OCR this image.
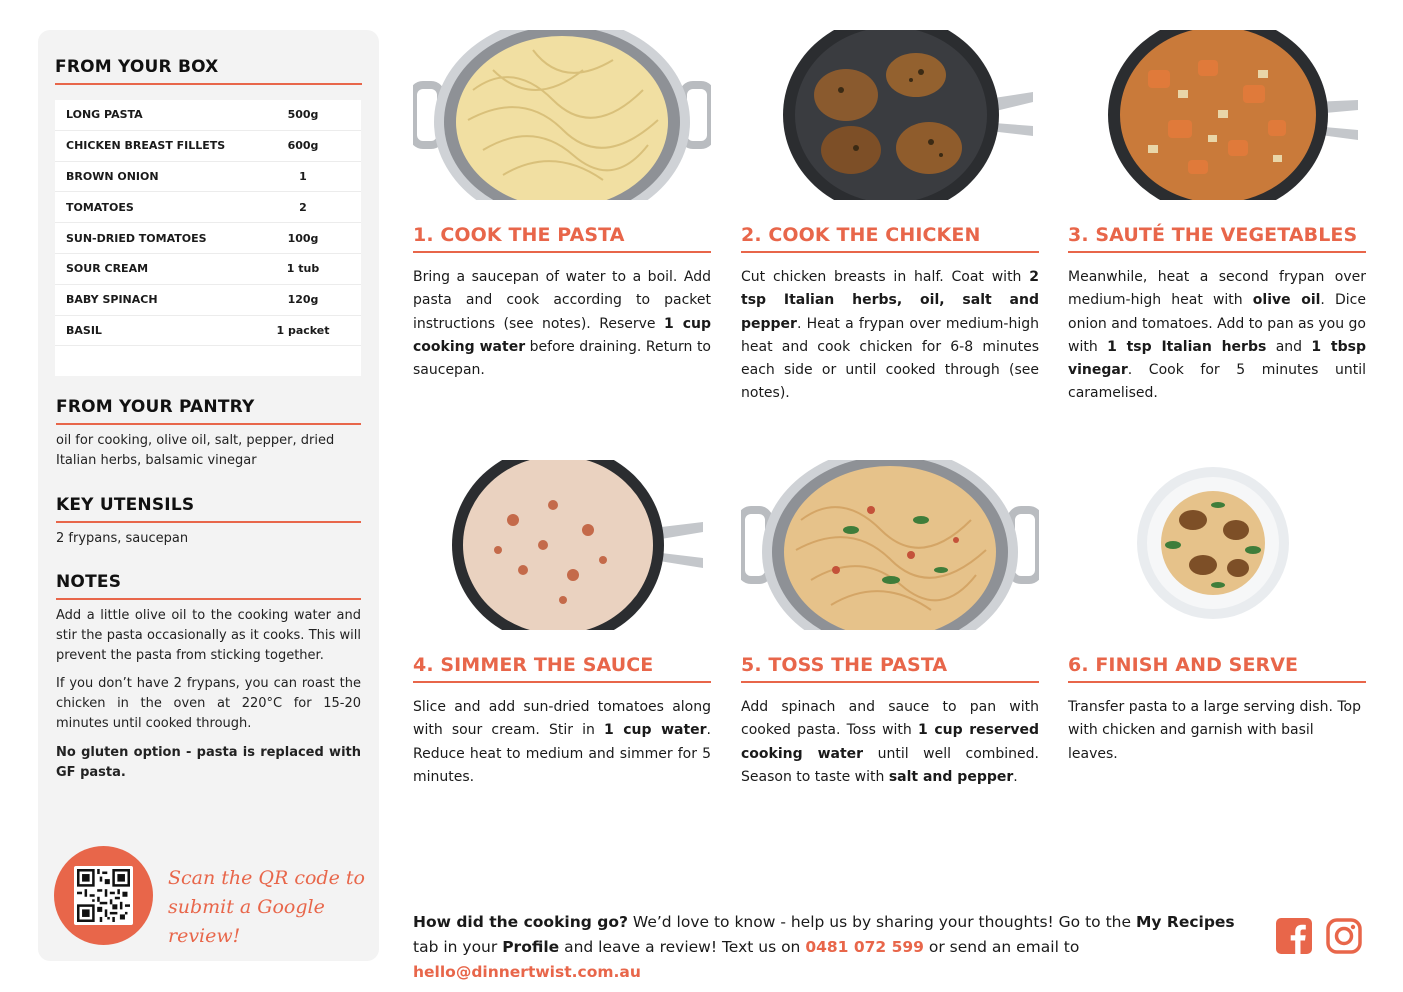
FROM YOUR BOX
LONG PASTA	500g
CHICKEN BREAST FILLETS	600g
BROWN ONION	1
TOMATOES	2
SUN-DRIED TOMATOES	100g
SOUR CREAM	1 tub
BABY SPINACH	120g
BASIL	1 packet
FROM YOUR PANTRY
oil for cooking, olive oil, salt, pepper, dried Italian herbs, balsamic vinegar
KEY UTENSILS
2 frypans, saucepan
NOTES
Add a little olive oil to the cooking water and stir the pasta occasionally as it cooks. This will prevent the pasta from sticking together.
If you don’t have 2 frypans, you can roast the chicken in the oven at 220°C for 15-20 minutes until cooked through.
No gluten option - pasta is replaced with GF pasta.
Scan the QR code to
submit a Google review!
1. COOK THE PASTA
Bring a saucepan of water to a boil. Add pasta and cook according to packet instructions (see notes). Reserve 1 cup cooking water before draining. Return to saucepan.
2. COOK THE CHICKEN
Cut chicken breasts in half. Coat with 2 tsp Italian herbs, oil, salt and pepper. Heat a frypan over medium-high heat and cook chicken for 6-8 minutes each side or until cooked through (see notes).
3. SAUTÉ THE VEGETABLES
Meanwhile, heat a second frypan over medium-high heat with olive oil. Dice onion and tomatoes. Add to pan as you go with 1 tsp Italian herbs and 1 tbsp vinegar. Cook for 5 minutes until caramelised.
4. SIMMER THE SAUCE
Slice and add sun-dried tomatoes along with sour cream. Stir in 1 cup water. Reduce heat to medium and simmer for 5 minutes.
5. TOSS THE PASTA
Add spinach and sauce to pan with cooked pasta. Toss with 1 cup reserved cooking water until well combined. Season to taste with salt and pepper.
6. FINISH AND SERVE
Transfer pasta to a large serving dish. Top with chicken and garnish with basil leaves.
How did the cooking go? We’d love to know - help us by sharing your thoughts! Go to the My Recipes tab in your Profile and leave a review! Text us on 0481 072 599 or send an email to hello@dinnertwist.com.au
